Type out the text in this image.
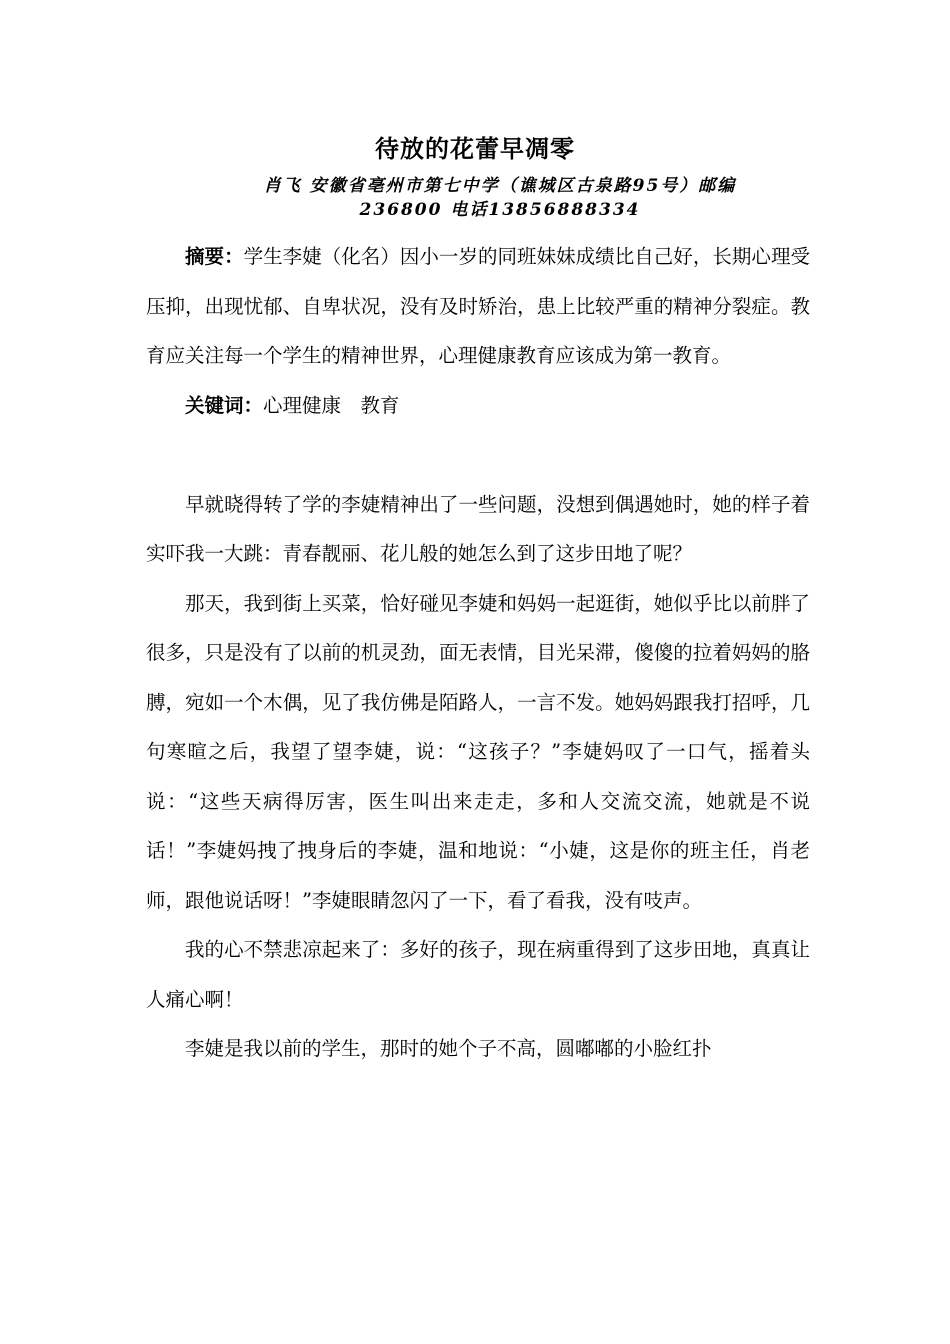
待放的花蕾早凋零
肖飞 安徽省亳州市第七中学（谯城区古泉路95号）邮编
236800 电话13856888334

摘要：学生李婕（化名）因小一岁的同班妹妹成绩比自己好，长期心理受压抑，出现忧郁、自卑状况，没有及时矫治，患上比较严重的精神分裂症。教育应关注每一个学生的精神世界，心理健康教育应该成为第一教育。

关键词：心理健康 教育

早就晓得转了学的李婕精神出了一些问题，没想到偶遇她时，她的样子着实吓我一大跳：青春靓丽、花儿般的她怎么到了这步田地了呢？

那天，我到街上买菜，恰好碰见李婕和妈妈一起逛街，她似乎比以前胖了很多，只是没有了以前的机灵劲，面无表情，目光呆滞，傻傻的拉着妈妈的胳膊，宛如一个木偶，见了我仿佛是陌路人，一言不发。她妈妈跟我打招呼，几句寒暄之后，我望了望李婕，说：“这孩子？”李婕妈叹了一口气，摇着头说：“这些天病得厉害，医生叫出来走走，多和人交流交流，她就是不说话！”李婕妈拽了拽身后的李婕，温和地说：“小婕，这是你的班主任，肖老师，跟他说话呀！”李婕眼睛忽闪了一下，看了看我，没有吱声。

我的心不禁悲凉起来了：多好的孩子，现在病重得到了这步田地，真真让人痛心啊！

李婕是我以前的学生，那时的她个子不高，圆嘟嘟的小脸红扑
